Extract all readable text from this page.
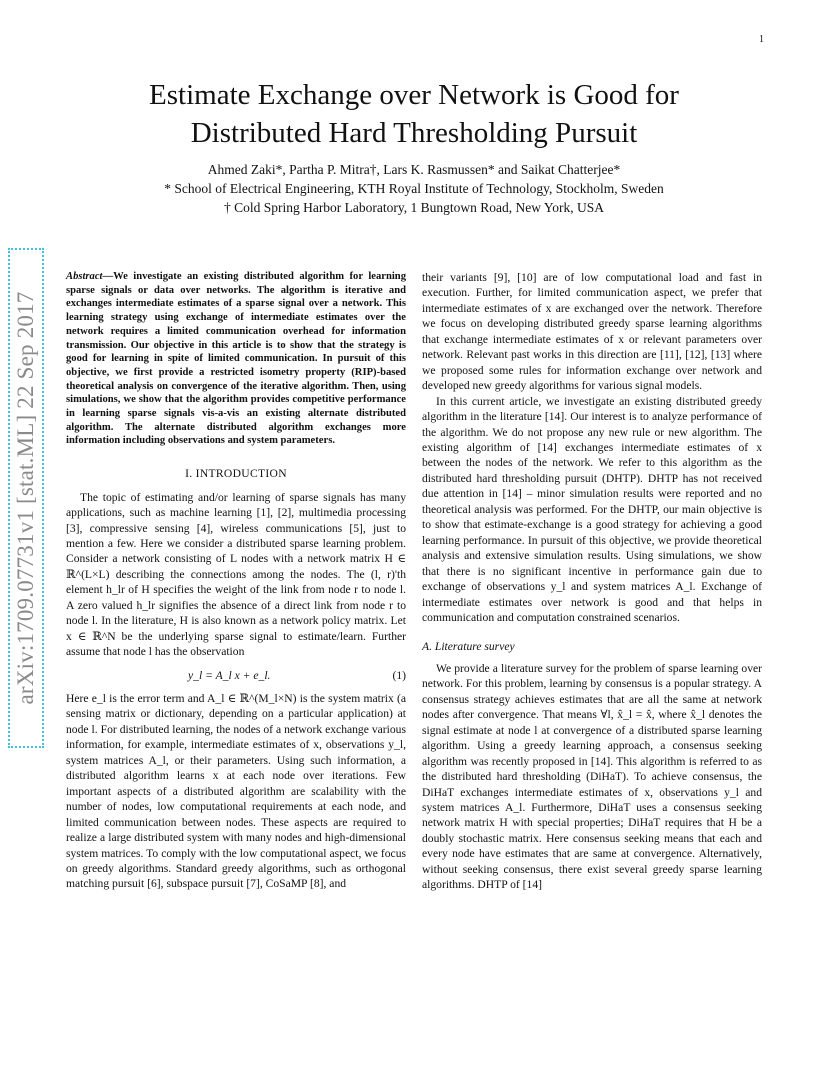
1
Estimate Exchange over Network is Good for
Distributed Hard Thresholding Pursuit
Ahmed Zaki*, Partha P. Mitra†, Lars K. Rasmussen* and Saikat Chatterjee*
* School of Electrical Engineering, KTH Royal Institute of Technology, Stockholm, Sweden
† Cold Spring Harbor Laboratory, 1 Bungtown Road, New York, USA
arXiv:1709.07731v1 [stat.ML] 22 Sep 2017
Abstract—We investigate an existing distributed algorithm for learning sparse signals or data over networks. The algorithm is iterative and exchanges intermediate estimates of a sparse signal over a network. This learning strategy using exchange of intermediate estimates over the network requires a limited communication overhead for information transmission. Our objective in this article is to show that the strategy is good for learning in spite of limited communication. In pursuit of this objective, we first provide a restricted isometry property (RIP)-based theoretical analysis on convergence of the iterative algorithm. Then, using simulations, we show that the algorithm provides competitive performance in learning sparse signals vis-a-vis an existing alternate distributed algorithm. The alternate distributed algorithm exchanges more information including observations and system parameters.
I. INTRODUCTION

The topic of estimating and/or learning of sparse signals has many applications, such as machine learning [1], [2], multimedia processing [3], compressive sensing [4], wireless communications [5], just to mention a few. Here we consider a distributed sparse learning problem. Consider a network consisting of L nodes with a network matrix H ∈ ℝ^(L×L) describing the connections among the nodes. The (l, r)'th element h_lr of H specifies the weight of the link from node r to node l. A zero valued h_lr signifies the absence of a direct link from node r to node l. In the literature, H is also known as a network policy matrix. Let x ∈ ℝ^N be the underlying sparse signal to estimate/learn. Further assume that node l has the observation

y_l = A_l x + e_l.	(1)

Here e_l is the error term and A_l ∈ ℝ^(M_l×N) is the system matrix (a sensing matrix or dictionary, depending on a particular application) at node l. For distributed learning, the nodes of a network exchange various information, for example, intermediate estimates of x, observations y_l, system matrices A_l, or their parameters. Using such information, a distributed algorithm learns x at each node over iterations. Few important aspects of a distributed algorithm are scalability with the number of nodes, low computational requirements at each node, and limited communication between nodes. These aspects are required to realize a large distributed system with many nodes and high-dimensional system matrices. To comply with the low computational aspect, we focus on greedy algorithms. Standard greedy algorithms, such as orthogonal matching pursuit [6], subspace pursuit [7], CoSaMP [8], and

their variants [9], [10] are of low computational load and fast in execution. Further, for limited communication aspect, we prefer that intermediate estimates of x are exchanged over the network. Therefore we focus on developing distributed greedy sparse learning algorithms that exchange intermediate estimates of x or relevant parameters over network. Relevant past works in this direction are [11], [12], [13] where we proposed some rules for information exchange over network and developed new greedy algorithms for various signal models.

In this current article, we investigate an existing distributed greedy algorithm in the literature [14]. Our interest is to analyze performance of the algorithm. We do not propose any new rule or new algorithm. The existing algorithm of [14] exchanges intermediate estimates of x between the nodes of the network. We refer to this algorithm as the distributed hard thresholding pursuit (DHTP). DHTP has not received due attention in [14] – minor simulation results were reported and no theoretical analysis was performed. For the DHTP, our main objective is to show that estimate-exchange is a good strategy for achieving a good learning performance. In pursuit of this objective, we provide theoretical analysis and extensive simulation results. Using simulations, we show that there is no significant incentive in performance gain due to exchange of observations y_l and system matrices A_l. Exchange of intermediate estimates over network is good and that helps in communication and computation constrained scenarios.

A. Literature survey

We provide a literature survey for the problem of sparse learning over network. For this problem, learning by consensus is a popular strategy. A consensus strategy achieves estimates that are all the same at network nodes after convergence. That means ∀l, x̂_l = x̂, where x̂_l denotes the signal estimate at node l at convergence of a distributed sparse learning algorithm. Using a greedy learning approach, a consensus seeking algorithm was recently proposed in [14]. This algorithm is referred to as the distributed hard thresholding (DiHaT). To achieve consensus, the DiHaT exchanges intermediate estimates of x, observations y_l and system matrices A_l. Furthermore, DiHaT uses a consensus seeking network matrix H with special properties; DiHaT requires that H be a doubly stochastic matrix. Here consensus seeking means that each and every node have estimates that are same at convergence. Alternatively, without seeking consensus, there exist several greedy sparse learning algorithms. DHTP of [14]
